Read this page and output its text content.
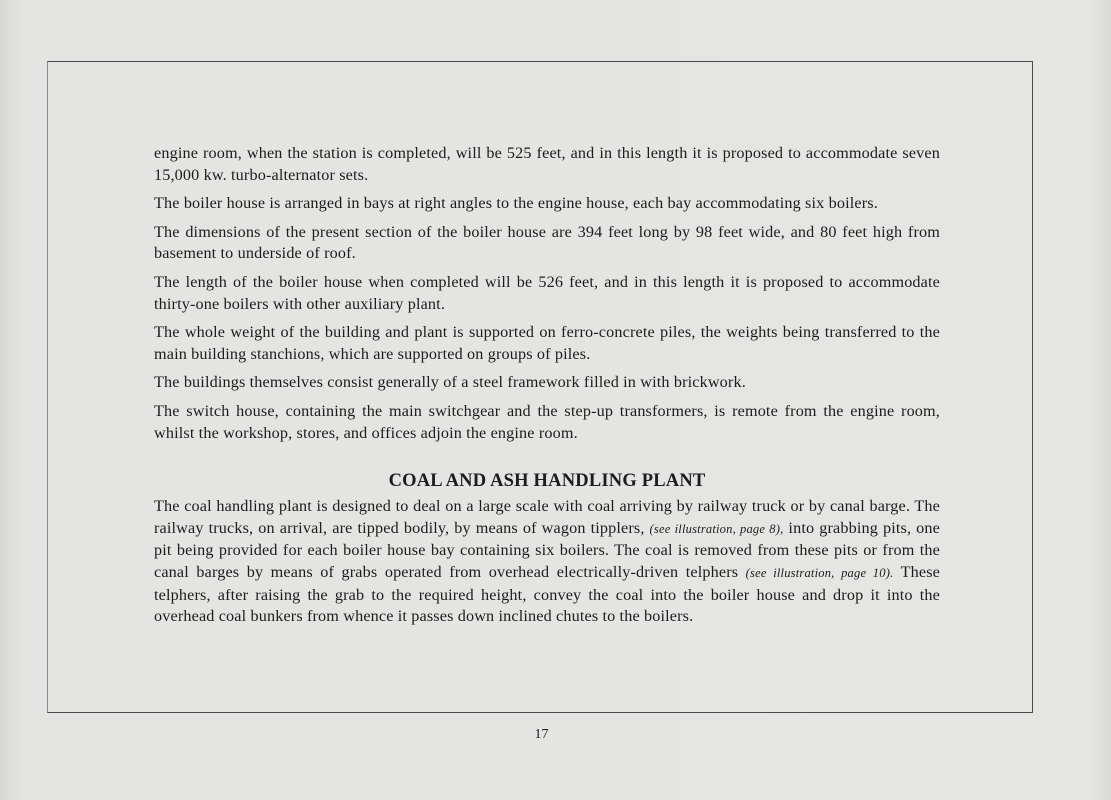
engine room, when the station is completed, will be 525 feet, and in this length it is proposed to accommodate seven 15,000 kw. turbo-alternator sets.

The boiler house is arranged in bays at right angles to the engine house, each bay accommodating six boilers.

The dimensions of the present section of the boiler house are 394 feet long by 98 feet wide, and 80 feet high from basement to underside of roof.

The length of the boiler house when completed will be 526 feet, and in this length it is proposed to accommodate thirty-one boilers with other auxiliary plant.

The whole weight of the building and plant is supported on ferro-concrete piles, the weights being transferred to the main building stanchions, which are supported on groups of piles.

The buildings themselves consist generally of a steel framework filled in with brickwork.

The switch house, containing the main switchgear and the step-up transformers, is remote from the engine room, whilst the workshop, stores, and offices adjoin the engine room.

COAL AND ASH HANDLING PLANT

The coal handling plant is designed to deal on a large scale with coal arriving by railway truck or by canal barge. The railway trucks, on arrival, are tipped bodily, by means of wagon tipplers, (see illustration, page 8), into grabbing pits, one pit being provided for each boiler house bay containing six boilers. The coal is removed from these pits or from the canal barges by means of grabs operated from overhead electrically-driven telphers (see illustration, page 10). These telphers, after raising the grab to the required height, convey the coal into the boiler house and drop it into the overhead coal bunkers from whence it passes down inclined chutes to the boilers.

17
